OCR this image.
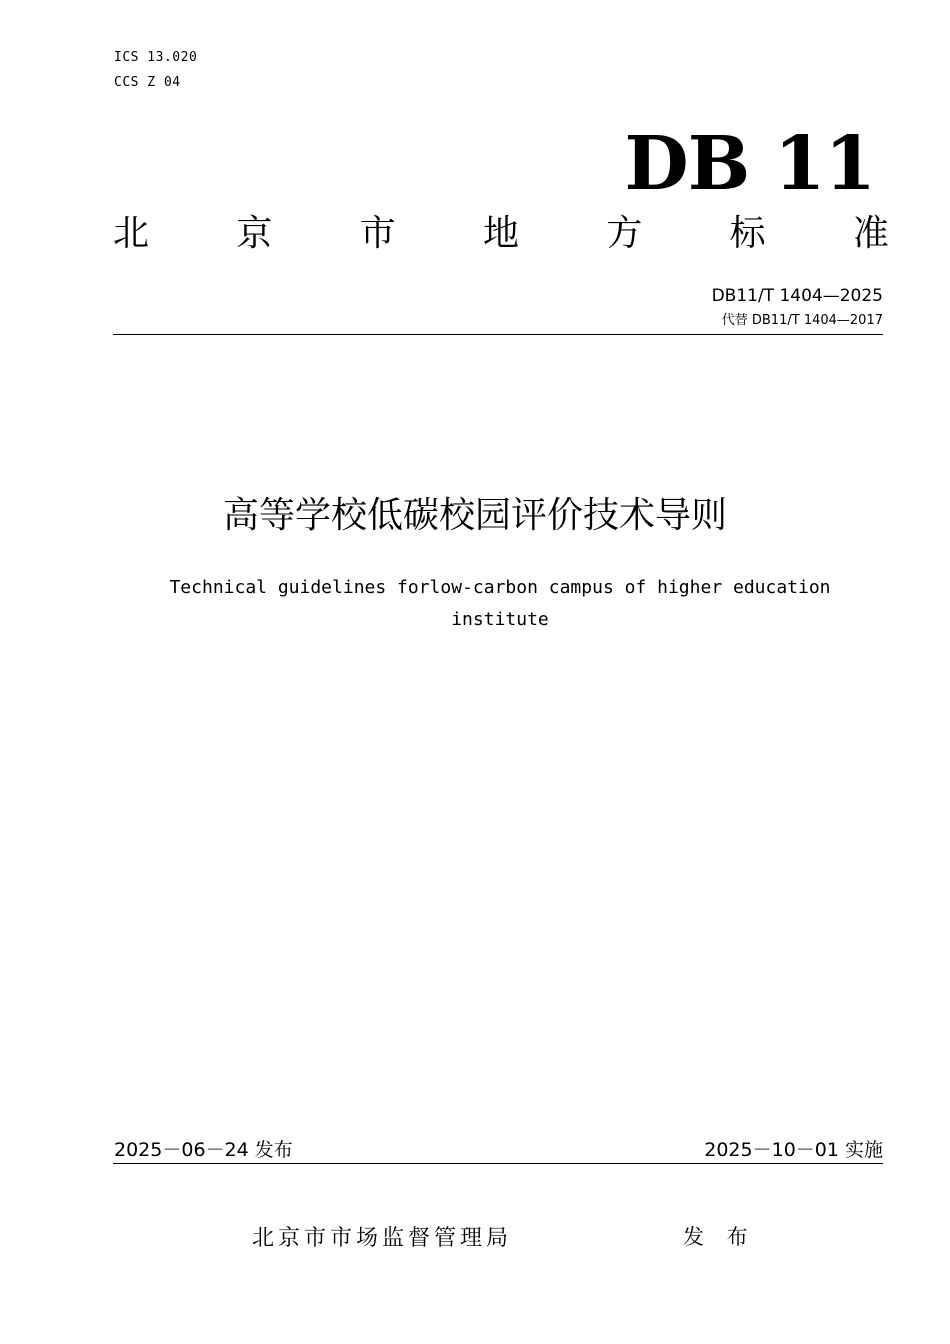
ICS 13.020
CCS Z 04
DB 11
北 京 市 地 方 标 准
DB11/T 1404—2025
代替 DB11/T 1404—2017
高等学校低碳校园评价技术导则
Technical guidelines forlow-carbon campus of higher education
institute
2025－06－24 发布	2025－10－01 实施
北京市市场监督管理局	发 布
